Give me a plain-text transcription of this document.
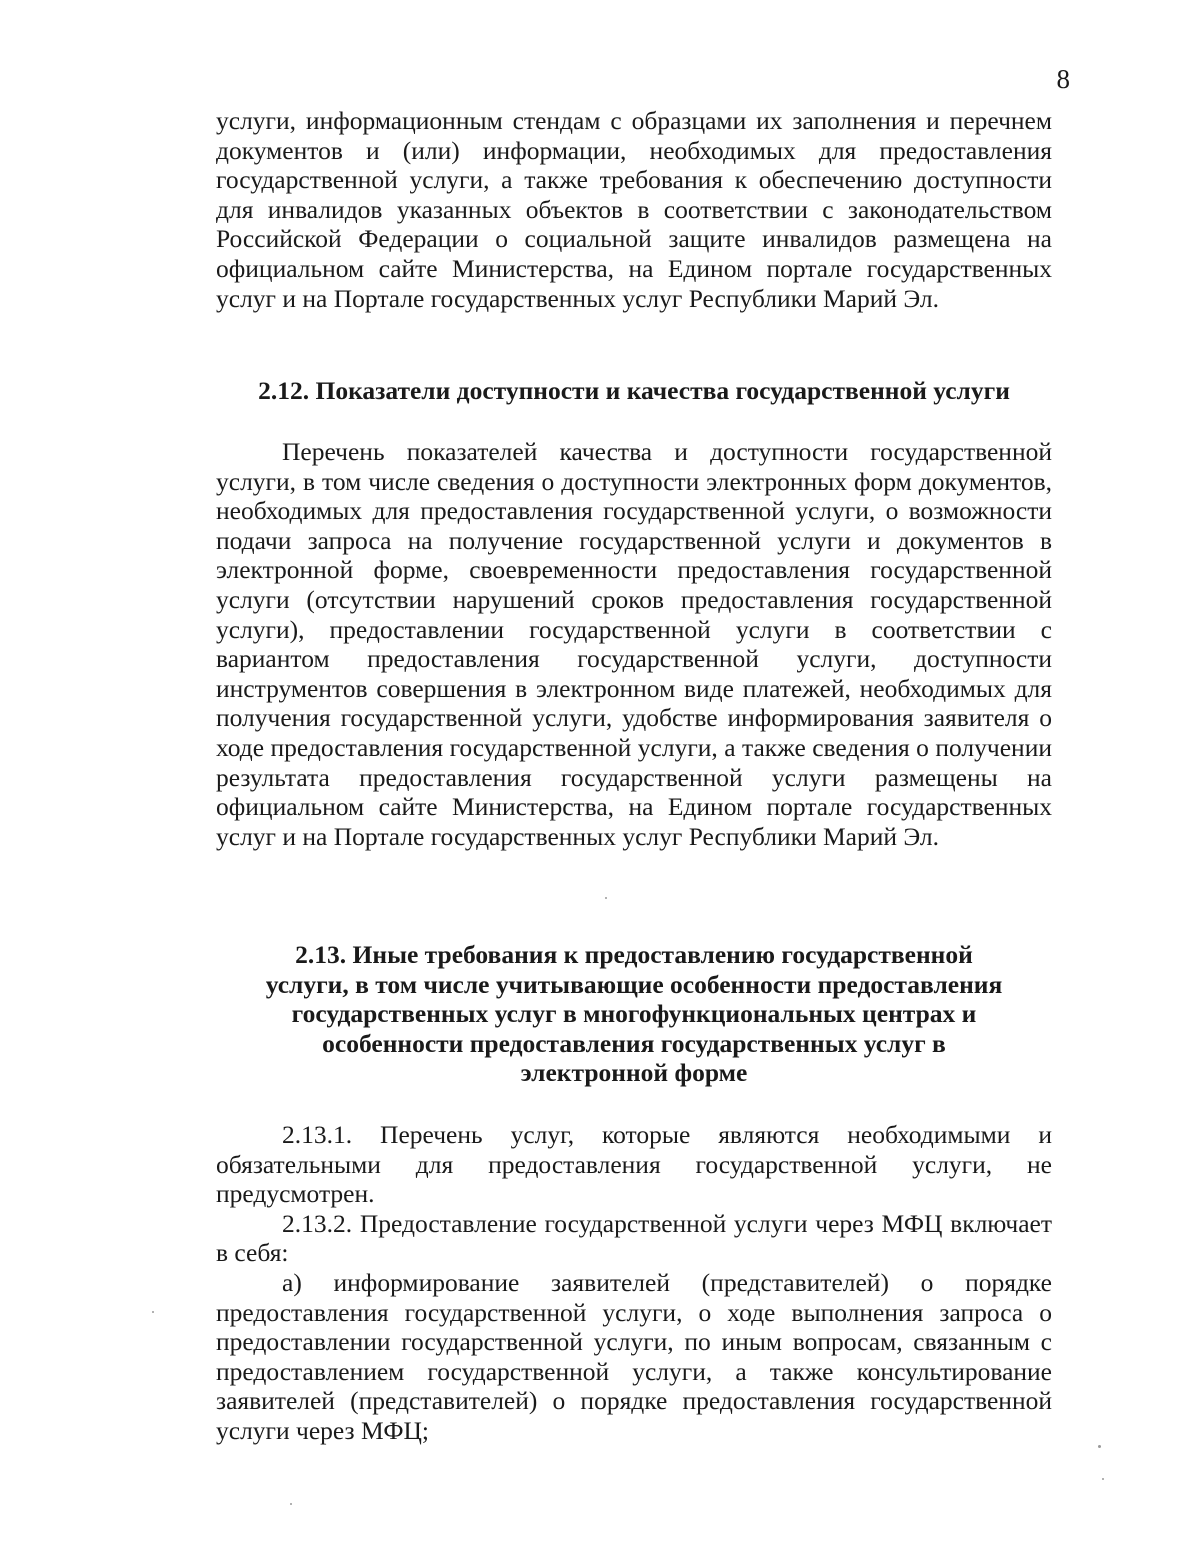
8

услуги, информационным стендам с образцами их заполнения и перечнем документов и (или) информации, необходимых для предоставления государственной услуги, а также требования к обеспечению доступности для инвалидов указанных объектов в соответствии с законодательством Российской Федерации о социальной защите инвалидов размещена на официальном сайте Министерства, на Едином портале государственных услуг и на Портале государственных услуг Республики Марий Эл.

2.12. Показатели доступности и качества государственной услуги

Перечень показателей качества и доступности государственной услуги, в том числе сведения о доступности электронных форм документов, необходимых для предоставления государственной услуги, о возможности подачи запроса на получение государственной услуги и документов в электронной форме, своевременности предоставления государственной услуги (отсутствии нарушений сроков предоставления государственной услуги), предоставлении государственной услуги в соответствии с вариантом предоставления государственной услуги, доступности инструментов совершения в электронном виде платежей, необходимых для получения государственной услуги, удобстве информирования заявителя о ходе предоставления государственной услуги, а также сведения о получении результата предоставления государственной услуги размещены на официальном сайте Министерства, на Едином портале государственных услуг и на Портале государственных услуг Республики Марий Эл.

2.13. Иные требования к предоставлению государственной услуги, в том числе учитывающие особенности предоставления государственных услуг в многофункциональных центрах и особенности предоставления государственных услуг в электронной форме

2.13.1. Перечень услуг, которые являются необходимыми и обязательными для предоставления государственной услуги, не предусмотрен.

2.13.2. Предоставление государственной услуги через МФЦ включает в себя:

а) информирование заявителей (представителей) о порядке предоставления государственной услуги, о ходе выполнения запроса о предоставлении государственной услуги, по иным вопросам, связанным с предоставлением государственной услуги, а также консультирование заявителей (представителей) о порядке предоставления государственной услуги через МФЦ;
